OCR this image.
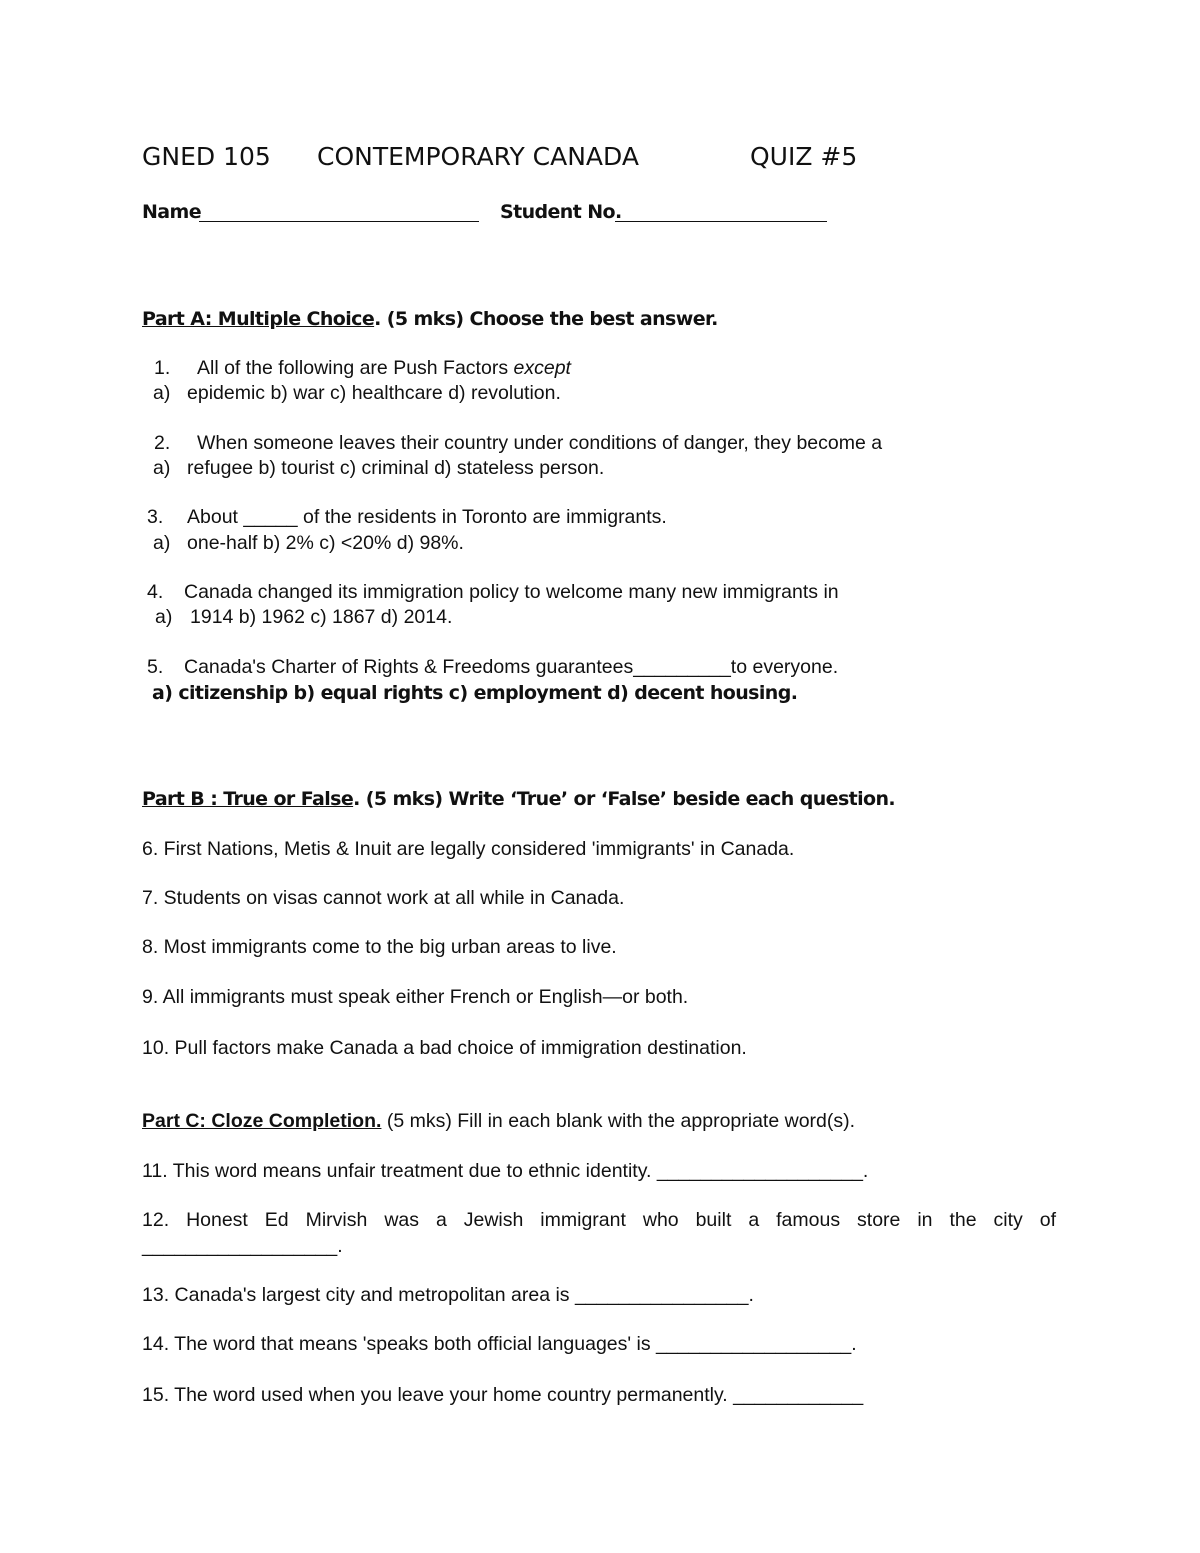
GNED 105 CONTEMPORARY CANADA	QUIZ #5
Name	Student No.
Part A: Multiple Choice. (5 mks) Choose the best answer.
1. All of the following are Push Factors except
a) epidemic b) war c) healthcare d) revolution.
2. When someone leaves their country under conditions of danger, they become a
a) refugee b) tourist c) criminal d) stateless person.
3. About _____ of the residents in Toronto are immigrants.
a) one-half b) 2% c) <20% d) 98%.
4. Canada changed its immigration policy to welcome many new immigrants in
a) 1914 b) 1962 c) 1867 d) 2014.
5. Canada's Charter of Rights & Freedoms guarantees_________to everyone.
a) citizenship b) equal rights c) employment d) decent housing.
Part B : True or False. (5 mks) Write ‘True’ or ‘False’ beside each question.
6. First Nations, Metis & Inuit are legally considered 'immigrants' in Canada.
7. Students on visas cannot work at all while in Canada.
8. Most immigrants come to the big urban areas to live.
9. All immigrants must speak either French or English—or both.
10. Pull factors make Canada a bad choice of immigration destination.
Part C: Cloze Completion. (5 mks) Fill in each blank with the appropriate word(s).
11. This word means unfair treatment due to ethnic identity. ___________________.
12. Honest Ed Mirvish was a Jewish immigrant who built a famous store in the city of
__________________.
13. Canada's largest city and metropolitan area is ________________.
14. The word that means 'speaks both official languages' is __________________.
15. The word used when you leave your home country permanently. ____________
